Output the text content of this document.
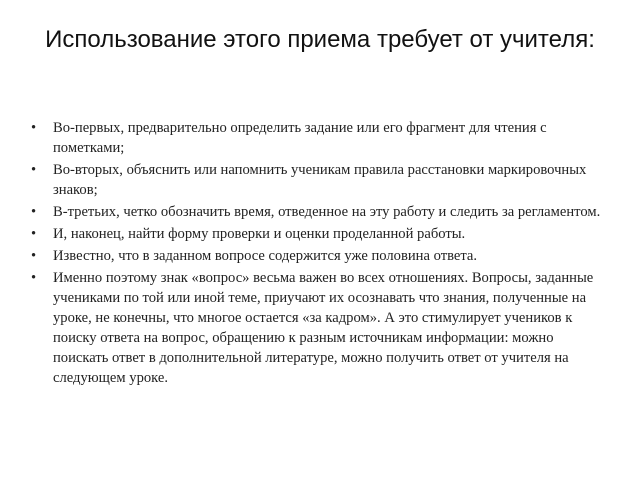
Использование этого приема требует от учителя:
•	Во-первых, предварительно определить задание или его фрагмент для чтения с пометками;
•	Во-вторых, объяснить или напомнить ученикам правила расстановки маркировочных знаков;
•	В-третьих, четко обозначить время, отведенное на эту работу и следить за регламентом.
•	И, наконец, найти форму проверки и оценки проделанной работы.
•	Известно, что в заданном вопросе содержится уже половина ответа.
•	Именно поэтому знак «вопрос» весьма важен во всех отношениях. Вопросы, заданные учениками по той или иной теме, приучают их осознавать что знания, полученные на уроке, не конечны, что многое остается «за кадром». А это стимулирует учеников к поиску ответа на вопрос, обращению к разным источникам информации: можно поискать ответ в дополнительной литературе, можно получить ответ от учителя на следующем уроке.
